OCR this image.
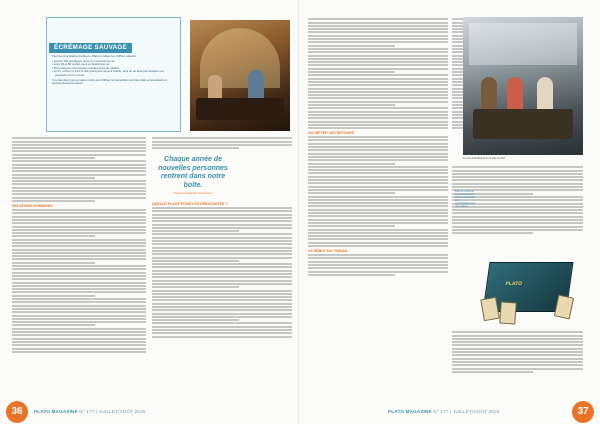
ÉCRÉMAGE SAUVAGE
Pour les cinq studios d'éditeurs, Plato a indiqué les chiffres suivants :
• plus de 300 prototypes reçus en moyenne par an
• entre 40 et 80 rendez-vous en festival par an
• 50 prototypes commandés / étudiés entre les studios
• en fin, environ 1 à 10 % des prototypes reçus à l'étude, dont un de deux par lesquels vos proposés sont en cours.
Il ne faut donc pas se battre contre ces chiffres, la compétition est très réelle et les auteurs et autrices doivent le savoir.
RELATIONS HUMAINES
Chaque année de nouvelles personnes rentrent dans notre boîte.
François Grandguillot, Catch Games
QUELLE PLACE POUR LES DÉBUTANTES ?
36	PLATO MAGAZINE N° 177 | JUILLET/AOÛT 2025
ACCEPTER LES RETOURS
LE DÉBUT DU TRAVAIL
Le coin ludothèque de la ville de Kiel.
Plato se consacre au développement des jeux de société et à l'accompagnement des auteurs.
PLATO
PLATO MAGAZINE N° 177 | JUILLET/AOÛT 2025	37
